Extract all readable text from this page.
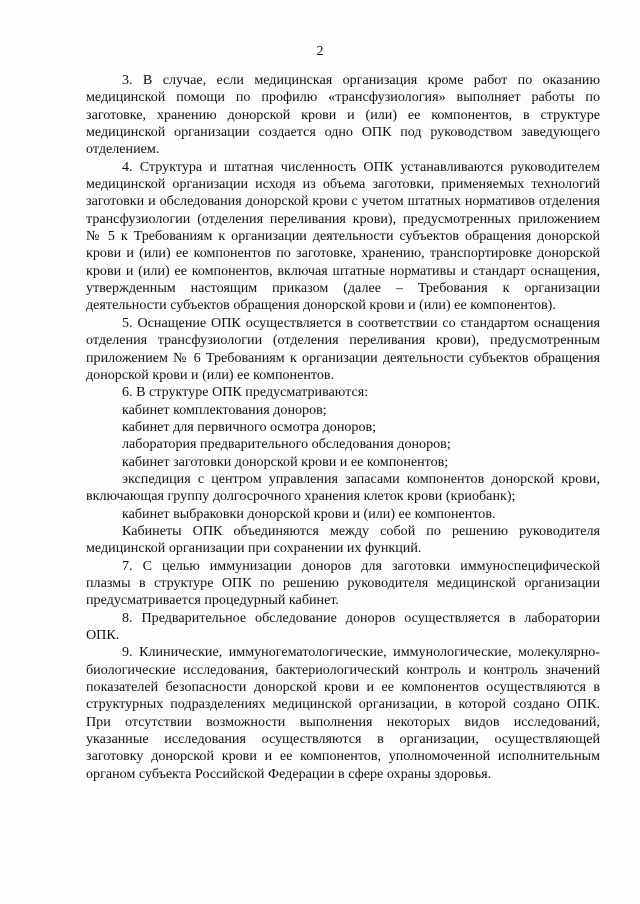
2

3. В случае, если медицинская организация кроме работ по оказанию медицинской помощи по профилю «трансфузиология» выполняет работы по заготовке, хранению донорской крови и (или) ее компонентов, в структуре медицинской организации создается одно ОПК под руководством заведующего отделением.

4. Структура и штатная численность ОПК устанавливаются руководителем медицинской организации исходя из объема заготовки, применяемых технологий заготовки и обследования донорской крови с учетом штатных нормативов отделения трансфузиологии (отделения переливания крови), предусмотренных приложением № 5 к Требованиям к организации деятельности субъектов обращения донорской крови и (или) ее компонентов по заготовке, хранению, транспортировке донорской крови и (или) ее компонентов, включая штатные нормативы и стандарт оснащения, утвержденным настоящим приказом (далее – Требования к организации деятельности субъектов обращения донорской крови и (или) ее компонентов).

5. Оснащение ОПК осуществляется в соответствии со стандартом оснащения отделения трансфузиологии (отделения переливания крови), предусмотренным приложением № 6 Требованиям к организации деятельности субъектов обращения донорской крови и (или) ее компонентов.

6. В структуре ОПК предусматриваются:

кабинет комплектования доноров;

кабинет для первичного осмотра доноров;

лаборатория предварительного обследования доноров;

кабинет заготовки донорской крови и ее компонентов;

экспедиция с центром управления запасами компонентов донорской крови, включающая группу долгосрочного хранения клеток крови (криобанк);

кабинет выбраковки донорской крови и (или) ее компонентов.

Кабинеты ОПК объединяются между собой по решению руководителя медицинской организации при сохранении их функций.

7. С целью иммунизации доноров для заготовки иммуноспецифической плазмы в структуре ОПК по решению руководителя медицинской организации предусматривается процедурный кабинет.

8. Предварительное обследование доноров осуществляется в лаборатории ОПК.

9. Клинические, иммуногематологические, иммунологические, молекулярно-биологические исследования, бактериологический контроль и контроль значений показателей безопасности донорской крови и ее компонентов осуществляются в структурных подразделениях медицинской организации, в которой создано ОПК. При отсутствии возможности выполнения некоторых видов исследований, указанные исследования осуществляются в организации, осуществляющей заготовку донорской крови и ее компонентов, уполномоченной исполнительным органом субъекта Российской Федерации в сфере охраны здоровья.
